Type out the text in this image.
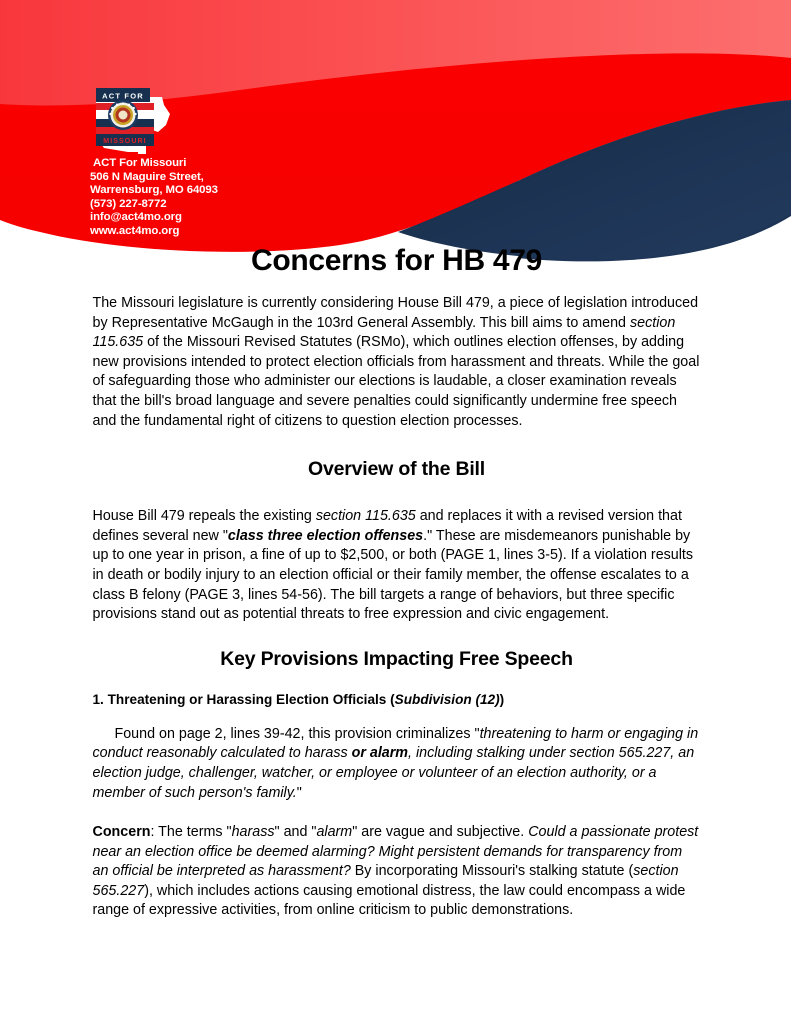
ACT FOR
MISSOURI
ACT For Missouri
506 N Maguire Street,
Warrensburg, MO 64093
(573) 227-8772
info@act4mo.org
www.act4mo.org
Concerns for HB 479

The Missouri legislature is currently considering House Bill 479, a piece of legislation introduced by Representative McGaugh in the 103rd General Assembly. This bill aims to amend section 115.635 of the Missouri Revised Statutes (RSMo), which outlines election offenses, by adding new provisions intended to protect election officials from harassment and threats. While the goal of safeguarding those who administer our elections is laudable, a closer examination reveals that the bill's broad language and severe penalties could significantly undermine free speech and the fundamental right of citizens to question election processes.

Overview of the Bill

House Bill 479 repeals the existing section 115.635 and replaces it with a revised version that defines several new "class three election offenses." These are misdemeanors punishable by up to one year in prison, a fine of up to $2,500, or both (PAGE 1, lines 3-5). If a violation results in death or bodily injury to an election official or their family member, the offense escalates to a class B felony (PAGE 3, lines 54-56). The bill targets a range of behaviors, but three specific provisions stand out as potential threats to free expression and civic engagement.

Key Provisions Impacting Free Speech
1. Threatening or Harassing Election Officials (Subdivision (12))

Found on page 2, lines 39-42, this provision criminalizes "threatening to harm or engaging in conduct reasonably calculated to harass or alarm, including stalking under section 565.227, an election judge, challenger, watcher, or employee or volunteer of an election authority, or a member of such person's family."

Concern: The terms "harass" and "alarm" are vague and subjective. Could a passionate protest near an election office be deemed alarming? Might persistent demands for transparency from an official be interpreted as harassment? By incorporating Missouri's stalking statute (section 565.227), which includes actions causing emotional distress, the law could encompass a wide range of expressive activities, from online criticism to public demonstrations.
